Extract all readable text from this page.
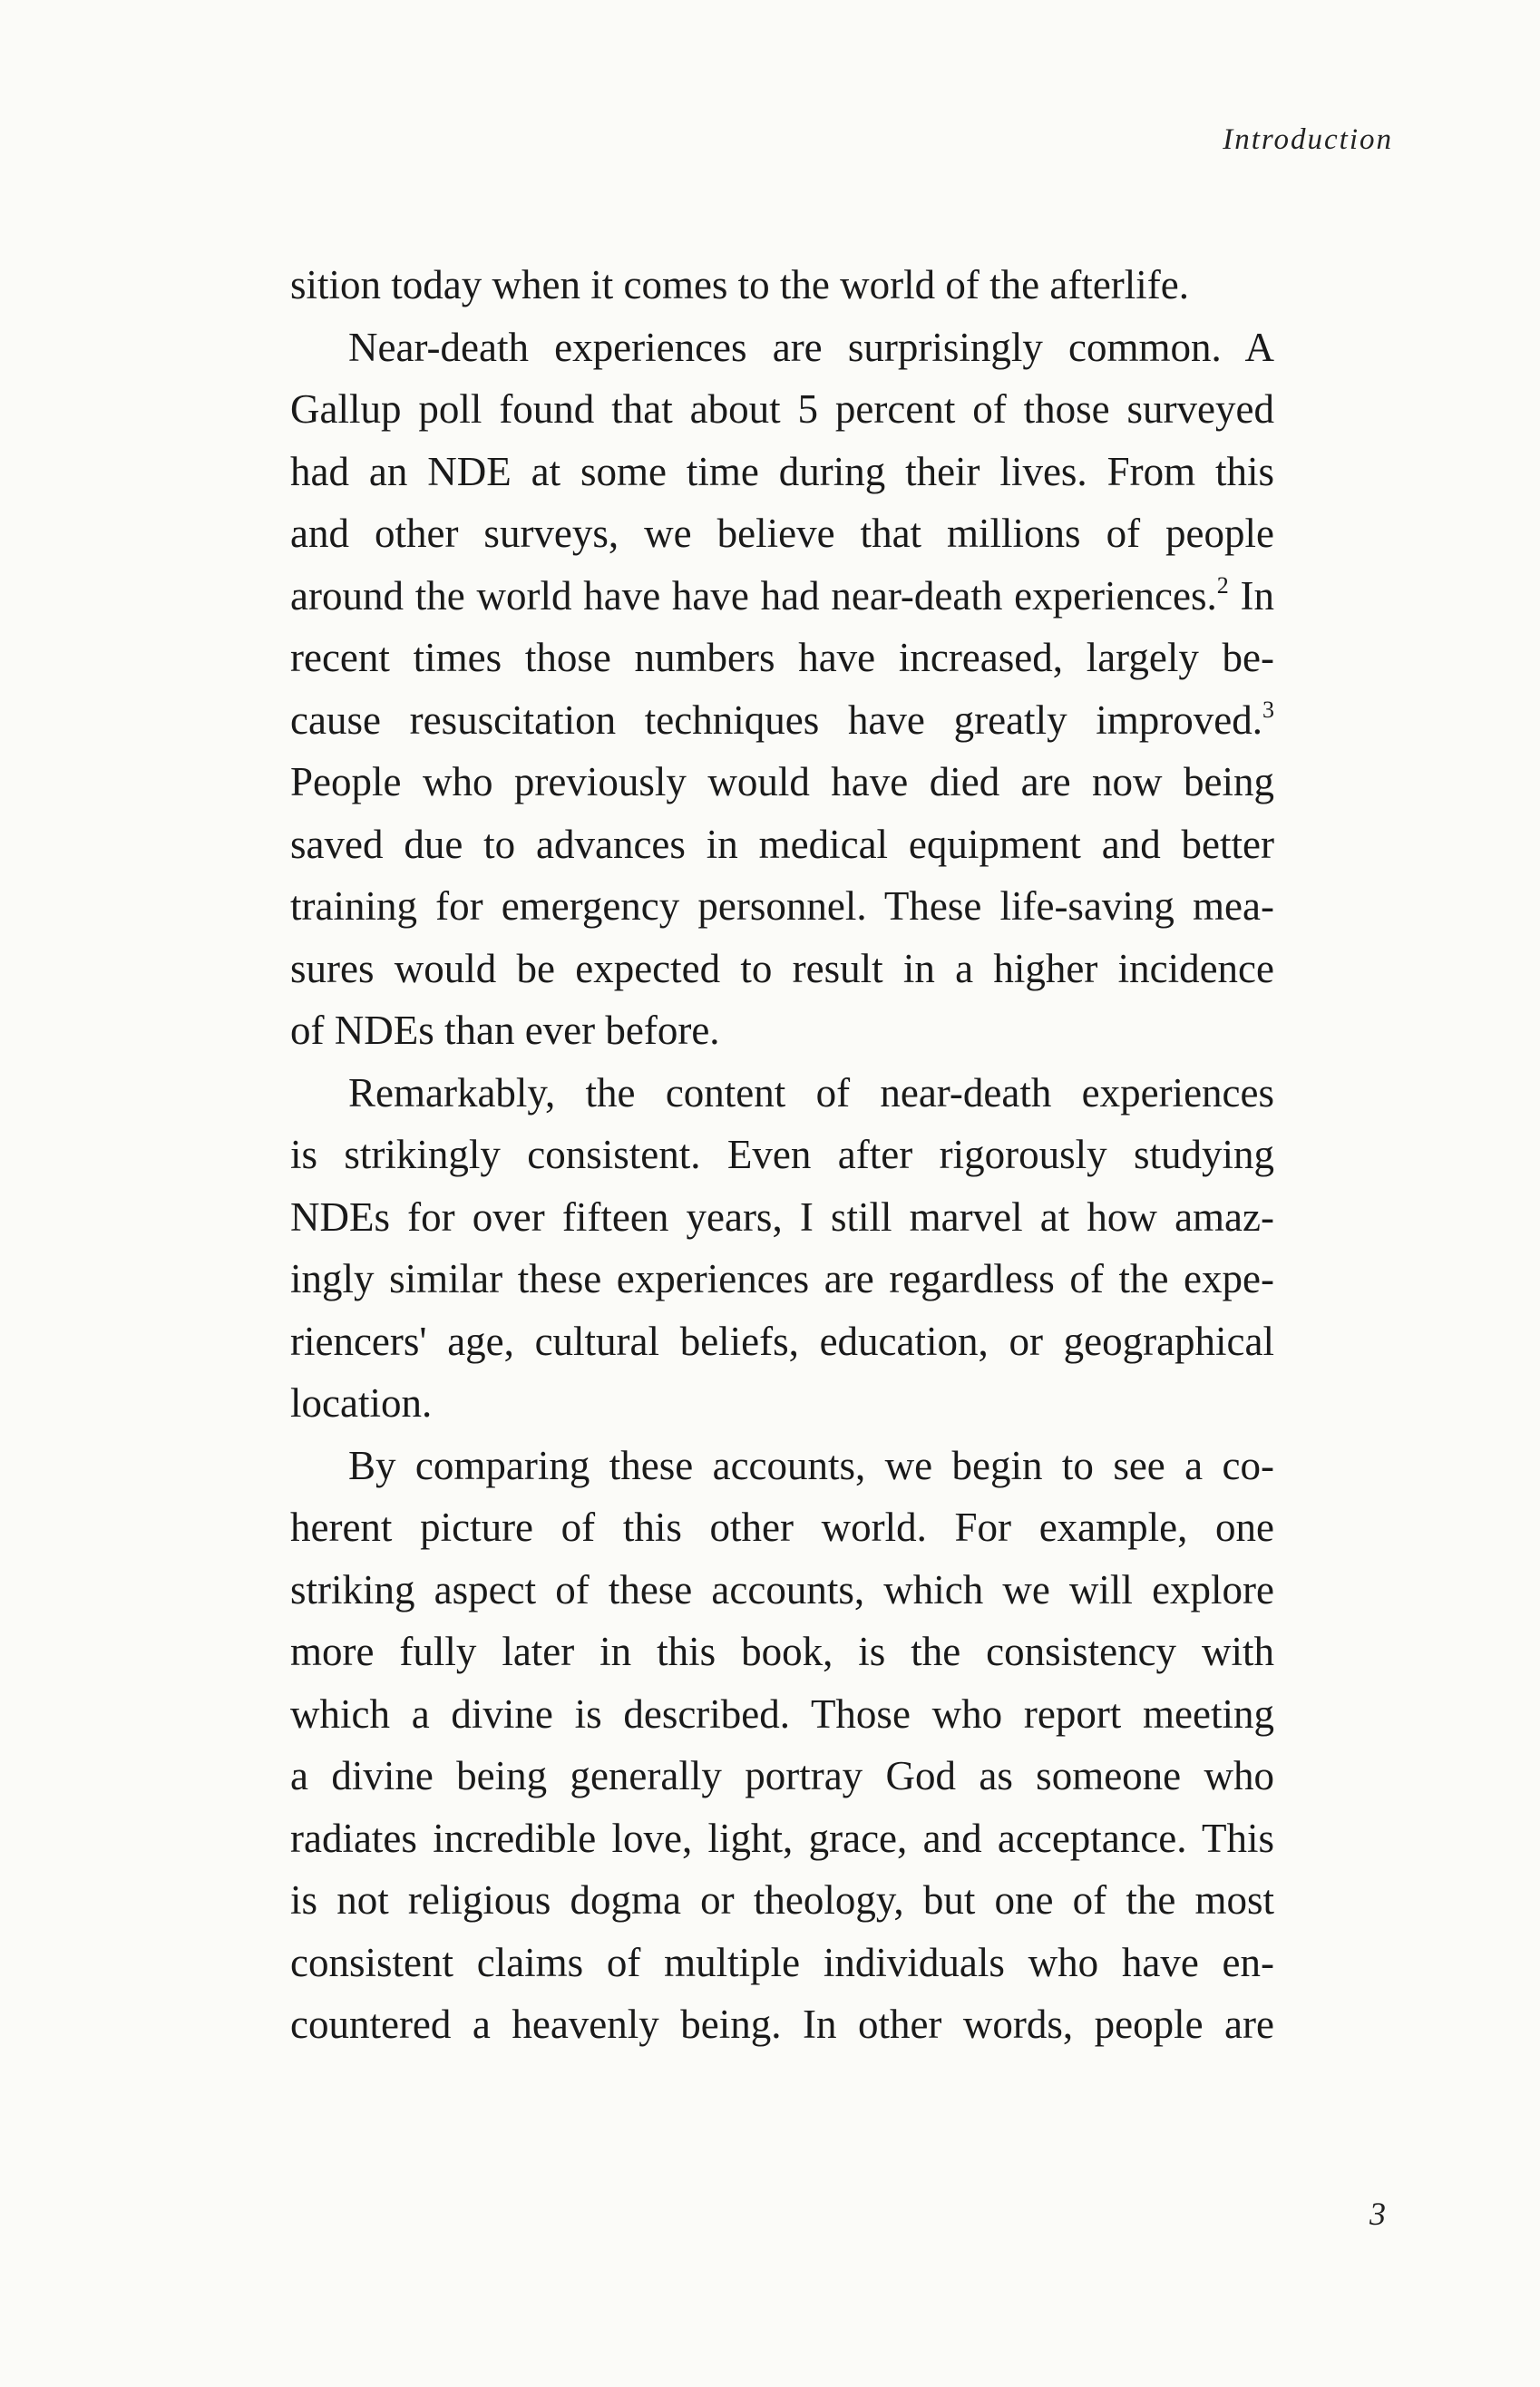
Introduction
sition today when it comes to the world of the afterlife.
Near-death experiences are surprisingly common. A
Gallup poll found that about 5 percent of those surveyed
had an NDE at some time during their lives. From this
and other surveys, we believe that millions of people
around the world have have had near-death experiences.$^2$ In
recent times those numbers have increased, largely be-
cause resuscitation techniques have greatly improved.$^3$
People who previously would have died are now being
saved due to advances in medical equipment and better
training for emergency personnel. These life-saving mea-
sures would be expected to result in a higher incidence
of NDEs than ever before.
Remarkably, the content of near-death experiences
is strikingly consistent. Even after rigorously studying
NDEs for over fifteen years, I still marvel at how amaz-
ingly similar these experiences are regardless of the expe-
riencers' age, cultural beliefs, education, or geographical
location.
By comparing these accounts, we begin to see a co-
herent picture of this other world. For example, one
striking aspect of these accounts, which we will explore
more fully later in this book, is the consistency with
which a divine is described. Those who report meeting
a divine being generally portray God as someone who
radiates incredible love, light, grace, and acceptance. This
is not religious dogma or theology, but one of the most
consistent claims of multiple individuals who have en-
countered a heavenly being. In other words, people are
3
